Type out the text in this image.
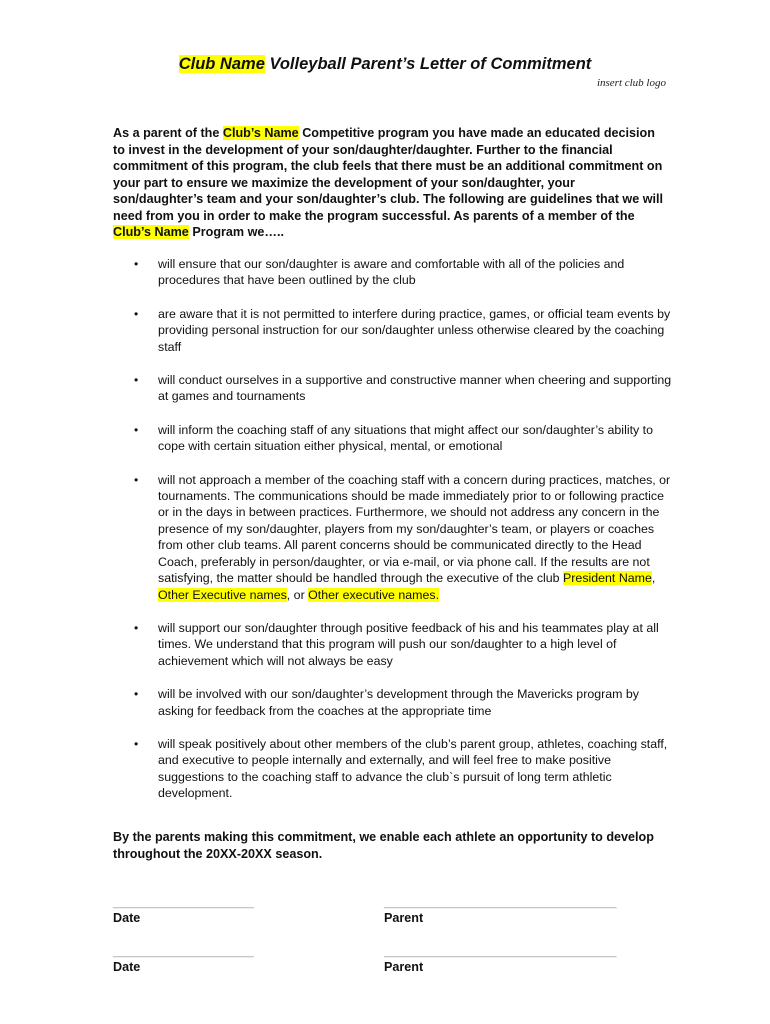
Club Name Volleyball Parent’s Letter of Commitment
insert club logo

As a parent of the Club’s Name Competitive program you have made an educated decision to invest in the development of your son/daughter/daughter. Further to the financial commitment of this program, the club feels that there must be an additional commitment on your part to ensure we maximize the development of your son/daughter, your son/daughter’s team and your son/daughter’s club. The following are guidelines that we will need from you in order to make the program successful. As parents of a member of the Club’s Name Program we…..

• will ensure that our son/daughter is aware and comfortable with all of the policies and procedures that have been outlined by the club
• are aware that it is not permitted to interfere during practice, games, or official team events by providing personal instruction for our son/daughter unless otherwise cleared by the coaching staff
• will conduct ourselves in a supportive and constructive manner when cheering and supporting at games and tournaments
• will inform the coaching staff of any situations that might affect our son/daughter’s ability to cope with certain situation either physical, mental, or emotional
• will not approach a member of the coaching staff with a concern during practices, matches, or tournaments. The communications should be made immediately prior to or following practice or in the days in between practices. Furthermore, we should not address any concern in the presence of my son/daughter, players from my son/daughter’s team, or players or coaches from other club teams. All parent concerns should be communicated directly to the Head Coach, preferably in person/daughter, or via e-mail, or via phone call. If the results are not satisfying, the matter should be handled through the executive of the club President Name,
Other Executive names, or Other executive names.
• will support our son/daughter through positive feedback of his and his teammates play at all times. We understand that this program will push our son/daughter to a high level of achievement which will not always be easy
• will be involved with our son/daughter’s development through the Mavericks program by asking for feedback from the coaches at the appropriate time
• will speak positively about other members of the club’s parent group, athletes, coaching staff, and executive to people internally and externally, and will feel free to make positive suggestions to the coaching staff to advance the club`s pursuit of long term athletic development.

By the parents making this commitment, we enable each athlete an opportunity to develop throughout the 20XX-20XX season.

_______________________	______________________________________
Date	Parent
_______________________	______________________________________
Date	Parent
